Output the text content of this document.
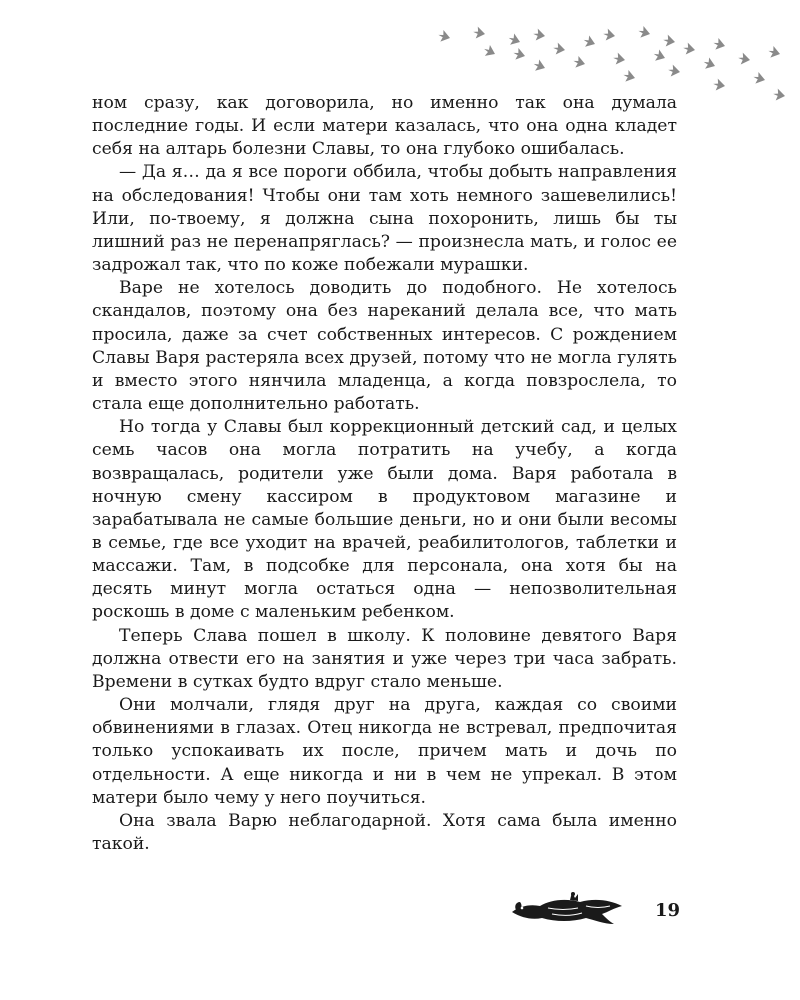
ном сразу, как договорила, но именно так она думала последние годы. И если матери казалась, что она одна кладет себя на алтарь болезни Славы, то она глубоко ошибалась.

— Да я… да я все пороги оббила, чтобы добыть направления на обследования! Чтобы они там хоть немного зашевелились! Или, по-твоему, я должна сына похоронить, лишь бы ты лишний раз не перенапряглась? — произнесла мать, и голос ее задрожал так, что по коже побежали мурашки.

Варе не хотелось доводить до подобного. Не хотелось скандалов, поэтому она без нареканий делала все, что мать просила, даже за счет собственных интересов. С рождением Славы Варя растеряла всех друзей, потому что не могла гулять и вместо этого нянчила младенца, а когда повзрослела, то стала еще дополнительно работать.

Но тогда у Славы был коррекционный детский сад, и целых семь часов она могла потратить на учебу, а когда возвращалась, родители уже были дома. Варя работала в ночную смену кассиром в продуктовом магазине и зарабатывала не самые большие деньги, но и они были весомы в семье, где все уходит на врачей, реабилитологов, таблетки и массажи. Там, в подсобке для персонала, она хотя бы на десять минут могла остаться одна — непозволительная роскошь в доме с маленьким ребенком.

Теперь Слава пошел в школу. К половине девятого Варя должна отвести его на занятия и уже через три часа забрать. Времени в сутках будто вдруг стало меньше.

Они молчали, глядя друг на друга, каждая со своими обвинениями в глазах. Отец никогда не встревал, предпочитая только успокаивать их после, причем мать и дочь по отдельности. А еще никогда и ни в чем не упрекал. В этом матери было чему у него поучиться.

Она звала Варю неблагодарной. Хотя сама была именно такой.

19
